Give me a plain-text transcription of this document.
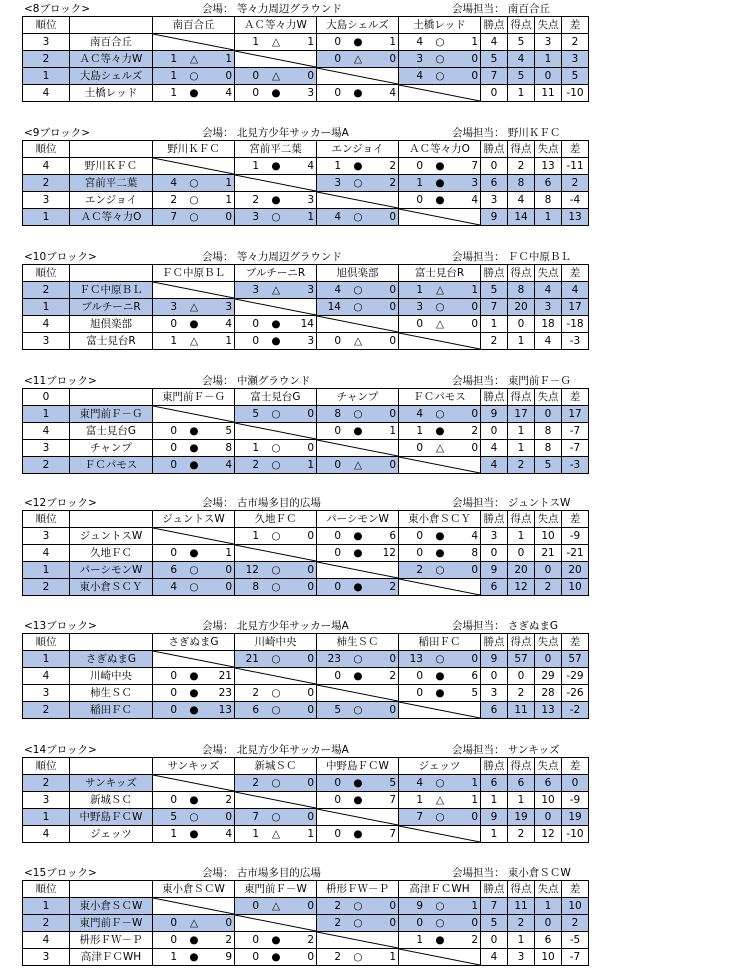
<8ブロック>	会場： 等々力周辺グラウンド	会場担当： 南百合丘
順位		南百合丘	ＡＣ等々力W	大島シェルズ	土橋レッド	勝点	得点	失点	差
3	南百合丘		1 △ 1	0 ● 1	4 ○ 1	4	5	3	2
2	ＡＣ等々力W	1 △ 1		0 △ 0	3 ○ 0	5	4	1	3
1	大島シェルズ	1 ○ 0	0 △ 0		4 ○ 0	7	5	0	5
4	土橋レッド	1 ● 4	0 ● 3	0 ● 4		0	1	11	-10
<9ブロック>	会場： 北見方少年サッカー場A	会場担当： 野川ＫＦＣ
順位		野川ＫＦＣ	宮前平二葉	エンジョイ	ＡＣ等々力O	勝点	得点	失点	差
4	野川ＫＦＣ		1 ● 4	1 ● 2	0 ● 7	0	2	13	-11
2	宮前平二葉	4 ○ 1		3 ○ 2	1 ● 3	6	8	6	2
3	エンジョイ	2 ○ 1	2 ● 3		0 ● 4	3	4	8	-4
1	ＡＣ等々力O	7 ○ 0	3 ○ 1	4 ○ 0		9	14	1	13
<10ブロック>	会場： 等々力周辺グラウンド	会場担当： ＦＣ中原ＢＬ
順位		ＦＣ中原ＢＬ	ブルチーニR	旭倶楽部	富士見台R	勝点	得点	失点	差
2	ＦＣ中原ＢＬ		3 △ 3	4 ○ 0	1 △ 1	5	8	4	4
1	ブルチーニR	3 △ 3		14 ○ 0	3 ○ 0	7	20	3	17
4	旭倶楽部	0 ● 4	0 ● 14		0 △ 0	1	0	18	-18
3	富士見台R	1 △ 1	0 ● 3	0 △ 0		2	1	4	-3
<11ブロック>	会場： 中瀬グラウンド	会場担当： 東門前Ｆ－Ｇ
0		東門前Ｆ－Ｇ	富士見台G	チャンプ	ＦＣパモス	勝点	得点	失点	差
1	東門前Ｆ－Ｇ		5 ○ 0	8 ○ 0	4 ○ 0	9	17	0	17
4	富士見台G	0 ● 5		0 ● 1	1 ● 2	0	1	8	-7
3	チャンプ	0 ● 8	1 ○ 0		0 △ 0	4	1	8	-7
2	ＦＣパモス	0 ● 4	2 ○ 1	0 △ 0		4	2	5	-3
<12ブロック>	会場： 古市場多目的広場	会場担当： ジュントスW
順位		ジュントスW	久地ＦＣ	パーシモンW	東小倉ＳＣＹ	勝点	得点	失点	差
3	ジュントスW		1 ○ 0	0 ● 6	0 ● 4	3	1	10	-9
4	久地ＦＣ	0 ● 1		0 ● 12	0 ● 8	0	0	21	-21
1	パーシモンW	6 ○ 0	12 ○ 0		2 ○ 0	9	20	0	20
2	東小倉ＳＣＹ	4 ○ 0	8 ○ 0	0 ● 2		6	12	2	10
<13ブロック>	会場： 北見方少年サッカー場A	会場担当： さぎぬまG
順位		さぎぬまG	川崎中央	柿生ＳＣ	稲田ＦＣ	勝点	得点	失点	差
1	さぎぬまG		21 ○ 0	23 ○ 0	13 ○ 0	9	57	0	57
4	川崎中央	0 ● 21		0 ● 2	0 ● 6	0	0	29	-29
3	柿生ＳＣ	0 ● 23	2 ○ 0		0 ● 5	3	2	28	-26
2	稲田ＦＣ	0 ● 13	6 ○ 0	5 ○ 0		6	11	13	-2
<14ブロック>	会場： 北見方少年サッカー場A	会場担当： サンキッズ
順位		サンキッズ	新城ＳＣ	中野島ＦＣW	ジェッツ	勝点	得点	失点	差
2	サンキッズ		2 ○ 0	0 ● 5	4 ○ 1	6	6	6	0
3	新城ＳＣ	0 ● 2		0 ● 7	1 △ 1	1	1	10	-9
1	中野島ＦＣW	5 ○ 0	7 ○ 0		7 ○ 0	9	19	0	19
4	ジェッツ	1 ● 4	1 △ 1	0 ● 7		1	2	12	-10
<15ブロック>	会場： 古市場多目的広場	会場担当： 東小倉ＳＣW
順位		東小倉ＳＣW	東門前Ｆ－W	枡形ＦＷ－Ｐ	高津ＦＣWH	勝点	得点	失点	差
1	東小倉ＳＣW		0 △ 0	2 ○ 0	9 ○ 1	7	11	1	10
2	東門前Ｆ－W	0 △ 0		2 ○ 0	0 ○ 0	5	2	0	2
4	枡形ＦＷ－Ｐ	0 ● 2	0 ● 2		1 ● 2	0	1	6	-5
3	高津ＦＣWH	1 ● 9	0 ● 0	2 ○ 1		4	3	10	-7
